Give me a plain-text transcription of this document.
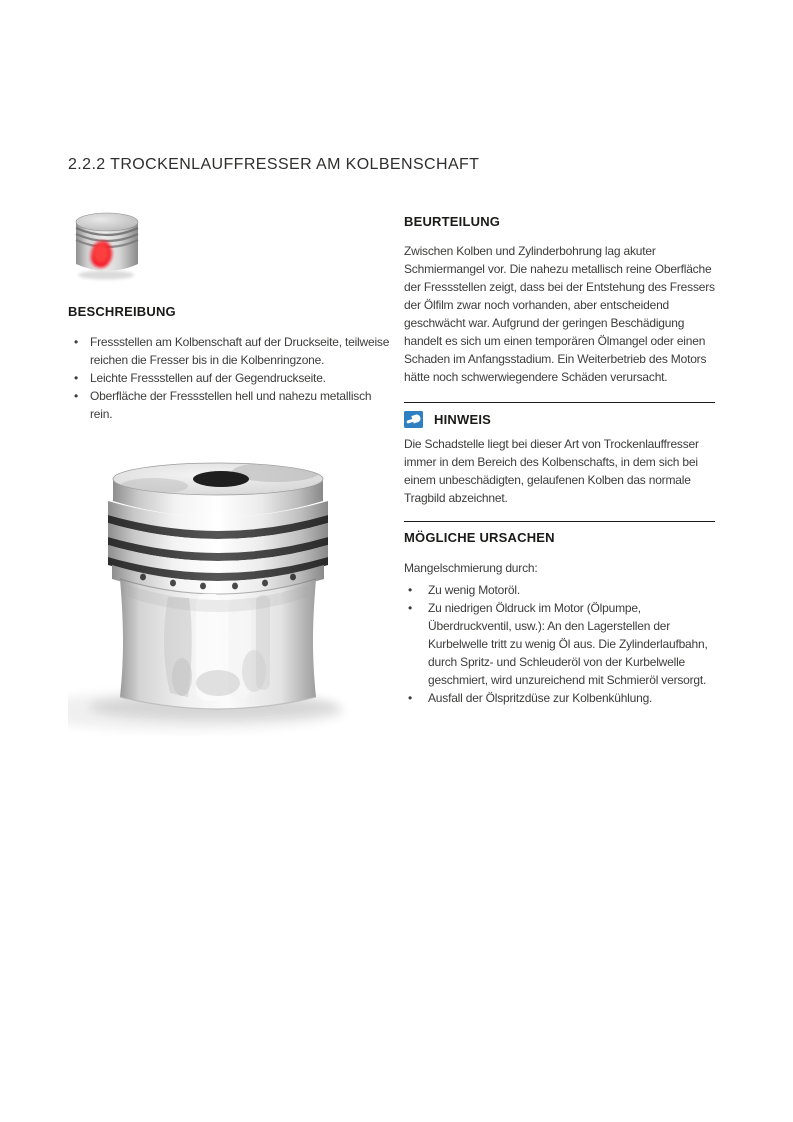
2.2.2 TROCKENLAUFFRESSER AM KOLBENSCHAFT
BESCHREIBUNG
• Fressstellen am Kolbenschaft auf der Druckseite, teilweise reichen die Fresser bis in die Kolbenringzone.
• Leichte Fressstellen auf der Gegendruckseite.
• Oberfläche der Fressstellen hell und nahezu metallisch rein.
BEURTEILUNG

Zwischen Kolben und Zylinderbohrung lag akuter Schmiermangel vor. Die nahezu metallisch reine Oberfläche der Fressstellen zeigt, dass bei der Entstehung des Fressers der Ölfilm zwar noch vorhanden, aber entscheidend geschwächt war. Aufgrund der geringen Beschädigung handelt es sich um einen temporären Ölmangel oder einen Schaden im Anfangsstadium. Ein Weiterbetrieb des Motors hätte noch schwerwiegendere Schäden verursacht.

HINWEIS

Die Schadstelle liegt bei dieser Art von Trockenlauffresser immer in dem Bereich des Kolbenschafts, in dem sich bei einem unbeschädigten, gelaufenen Kolben das normale Tragbild abzeichnet.

MÖGLICHE URSACHEN

Mangelschmierung durch:

• Zu wenig Motoröl.
• Zu niedrigen Öldruck im Motor (Ölpumpe, Überdruckventil, usw.): An den Lagerstellen der Kurbelwelle tritt zu wenig Öl aus. Die Zylinderlaufbahn, durch Spritz- und Schleuderöl von der Kurbelwelle geschmiert, wird unzureichend mit Schmieröl versorgt.
• Ausfall der Ölspritzdüse zur Kolbenkühlung.
